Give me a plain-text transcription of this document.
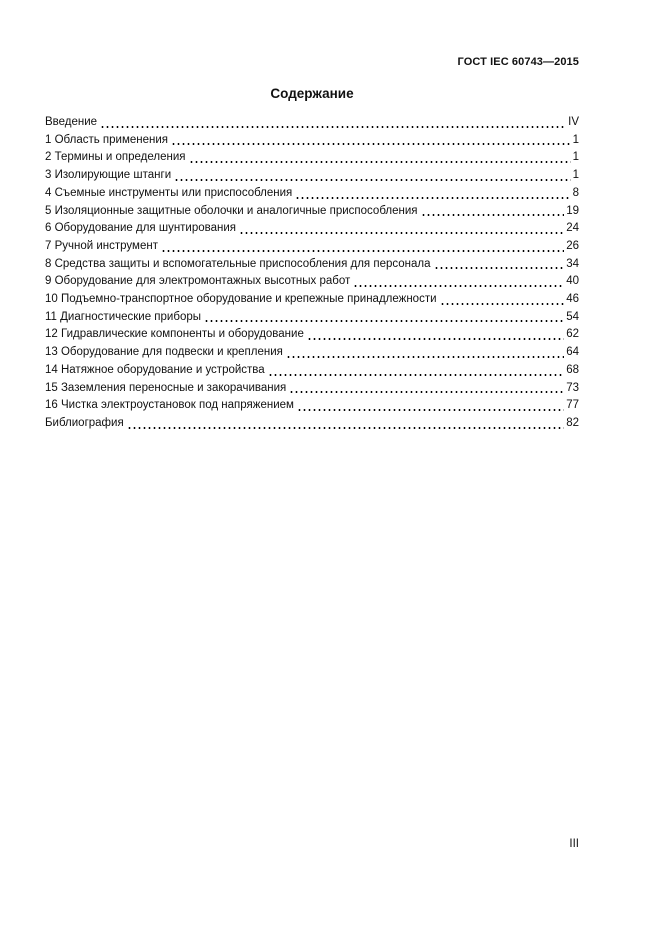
ГОСТ IEC 60743—2015
Содержание
Введение	IV
1 Область применения	1
2 Термины и определения	1
3 Изолирующие штанги	1
4 Съемные инструменты или приспособления	8
5 Изоляционные защитные оболочки и аналогичные приспособления	19
6 Оборудование для шунтирования	24
7 Ручной инструмент	26
8 Средства защиты и вспомогательные приспособления для персонала	34
9 Оборудование для электромонтажных высотных работ	40
10 Подъемно-транспортное оборудование и крепежные принадлежности	46
11 Диагностические приборы	54
12 Гидравлические компоненты и оборудование	62
13 Оборудование для подвески и крепления	64
14 Натяжное оборудование и устройства	68
15 Заземления переносные и закорачивания	73
16 Чистка электроустановок под напряжением	77
Библиография	82
III
